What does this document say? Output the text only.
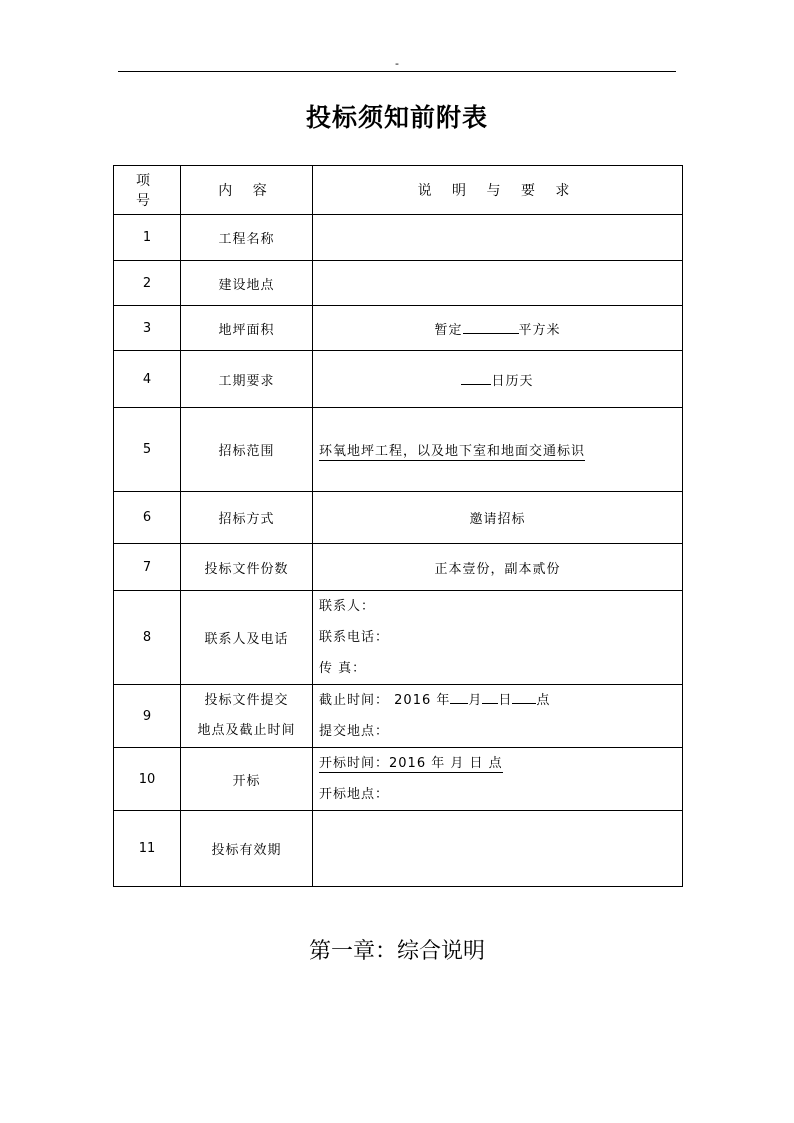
-
投标须知前附表
项 号	内 容	说 明 与 要 求
1	工程名称	
2	建设地点	
3	地坪面积	暂定 平方米
4	工期要求	日历天
5	招标范围	环氧地坪工程，以及地下室和地面交通标识
6	招标方式	邀请招标
7	投标文件份数	正本壹份，副本贰份
8	联系人及电话	联系人：
联系电话：
传 真：

9	投标文件提交
地点及截止时间	截止时间： 2016 年 月 日 点
提交地点：

10	开标	开标时间：2016 年 月 日 点
开标地点：

11	投标有效期	
第一章：综合说明
